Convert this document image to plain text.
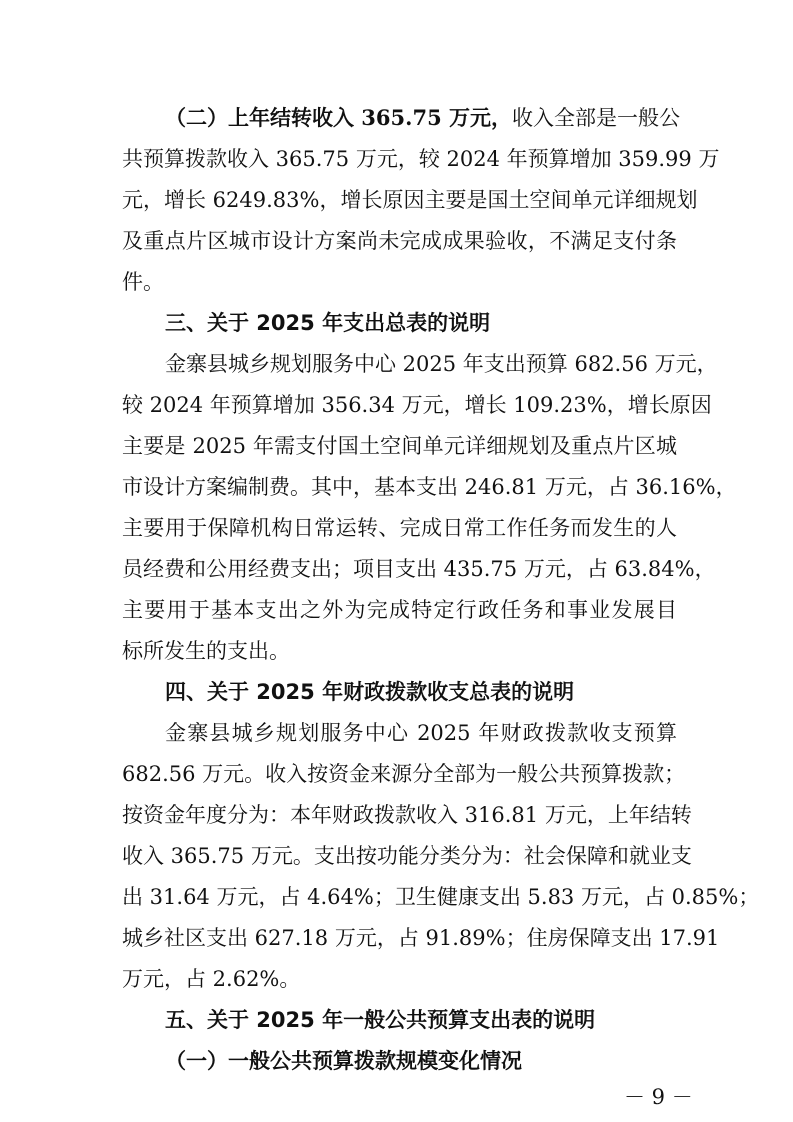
（二）上年结转收入 365.75 万元，收入全部是一般公
共预算拨款收入 365.75 万元，较 2024 年预算增加 359.99 万
元，增长 6249.83%，增长原因主要是国土空间单元详细规划
及重点片区城市设计方案尚未完成成果验收，不满足支付条
件。
三、关于 2025 年支出总表的说明
金寨县城乡规划服务中心 2025 年支出预算 682.56 万元，
较 2024 年预算增加 356.34 万元，增长 109.23%，增长原因
主要是 2025 年需支付国土空间单元详细规划及重点片区城
市设计方案编制费。其中，基本支出 246.81 万元，占 36.16%，
主要用于保障机构日常运转、完成日常工作任务而发生的人
员经费和公用经费支出；项目支出 435.75 万元，占 63.84%，
主要用于基本支出之外为完成特定行政任务和事业发展目
标所发生的支出。
四、关于 2025 年财政拨款收支总表的说明
金寨县城乡规划服务中心 2025 年财政拨款收支预算
682.56 万元。收入按资金来源分全部为一般公共预算拨款；
按资金年度分为：本年财政拨款收入 316.81 万元，上年结转
收入 365.75 万元。支出按功能分类分为：社会保障和就业支
出 31.64 万元，占 4.64%；卫生健康支出 5.83 万元，占 0.85%；
城乡社区支出 627.18 万元，占 91.89%；住房保障支出 17.91
万元，占 2.62%。
五、关于 2025 年一般公共预算支出表的说明
（一）一般公共预算拨款规模变化情况
－ 9 －
